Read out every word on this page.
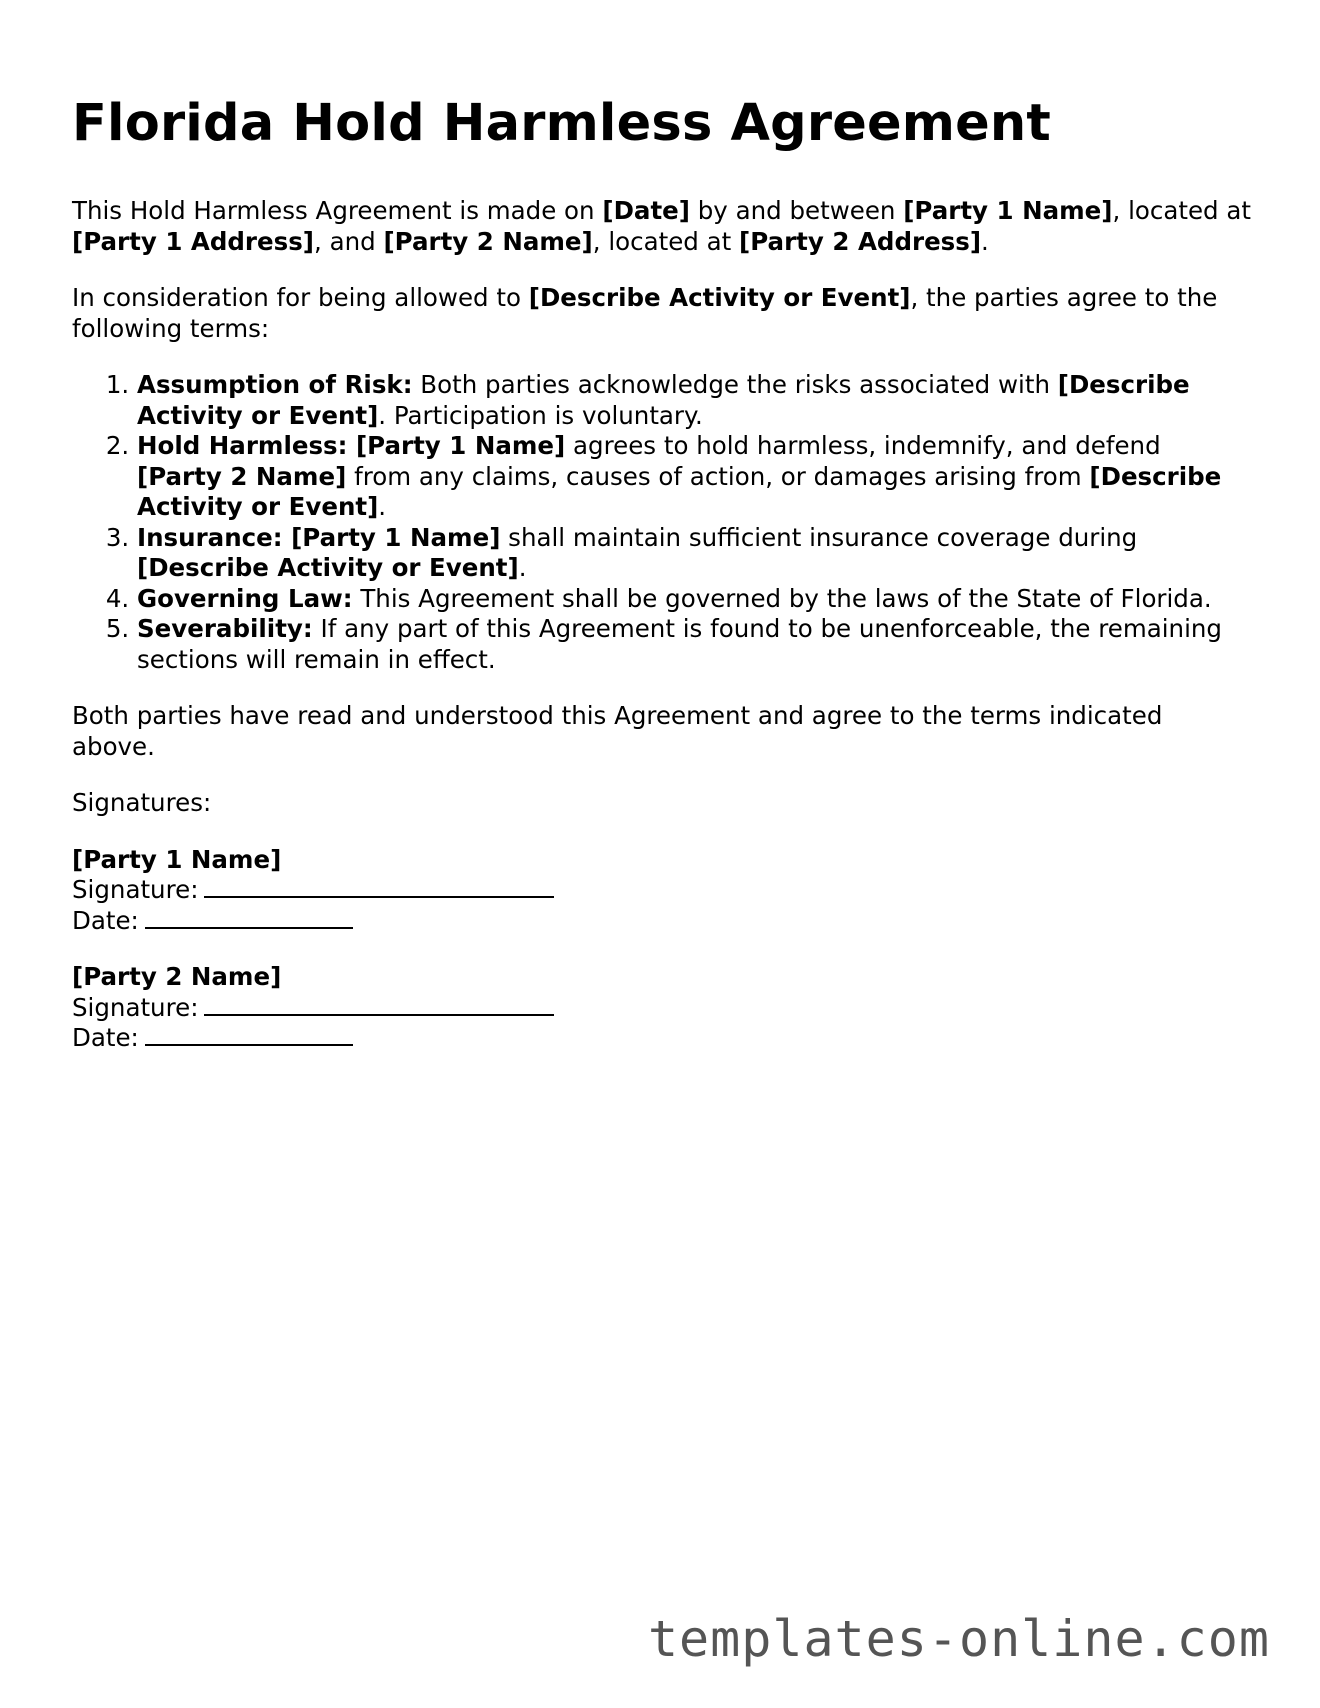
Florida Hold Harmless Agreement

This Hold Harmless Agreement is made on [Date] by and between [Party 1 Name], located at [Party 1 Address], and [Party 2 Name], located at [Party 2 Address].

In consideration for being allowed to [Describe Activity or Event], the parties agree to the following terms:

1. Assumption of Risk: Both parties acknowledge the risks associated with [Describe Activity or Event]. Participation is voluntary.
2. Hold Harmless: [Party 1 Name] agrees to hold harmless, indemnify, and defend [Party 2 Name] from any claims, causes of action, or damages arising from [Describe Activity or Event].
3. Insurance: [Party 1 Name] shall maintain sufficient insurance coverage during [Describe Activity or Event].
4. Governing Law: This Agreement shall be governed by the laws of the State of Florida.
5. Severability: If any part of this Agreement is found to be unenforceable, the remaining sections will remain in effect.

Both parties have read and understood this Agreement and agree to the terms indicated above.

Signatures:

[Party 1 Name]

Signature:

Date:

[Party 2 Name]

Signature:

Date:

templates-online.com
